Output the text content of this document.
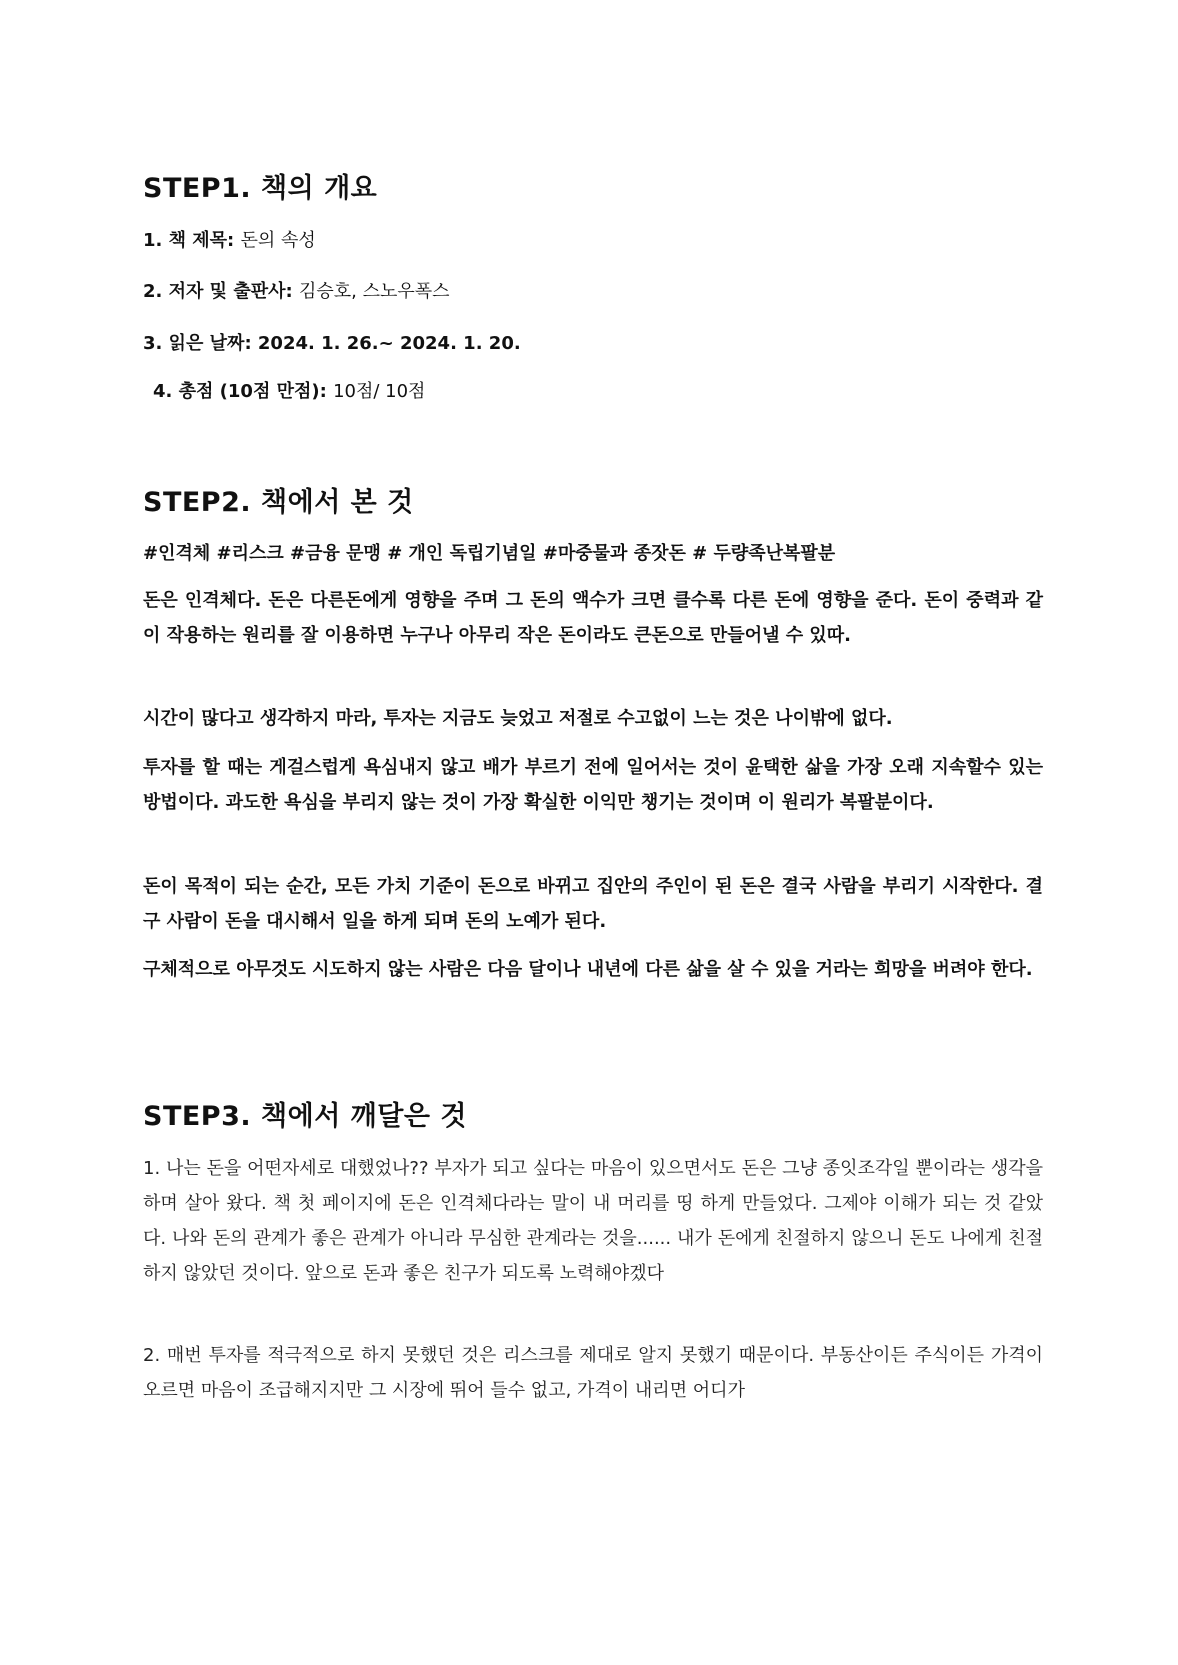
STEP1. 책의 개요
1. 책 제목: 돈의 속성
2. 저자 및 출판사: 김승호, 스노우폭스
3. 읽은 날짜: 2024. 1. 26.~ 2024. 1. 20.
4. 총점 (10점 만점): 10점/ 10점
STEP2. 책에서 본 것
#인격체 #리스크 #금융 문맹 # 개인 독립기념일 #마중물과 종잣돈 # 두량족난복팔분
돈은 인격체다. 돈은 다른돈에게 영향을 주며 그 돈의 액수가 크면 클수록 다른 돈에 영향을 준다. 돈이 중력과 같이 작용하는 원리를 잘 이용하면 누구나 아무리 작은 돈이라도 큰돈으로 만들어낼 수 있따.
시간이 많다고 생각하지 마라, 투자는 지금도 늦었고 저절로 수고없이 느는 것은 나이밖에 없다.
투자를 할 때는 게걸스럽게 욕심내지 않고 배가 부르기 전에 일어서는 것이 윤택한 삶을 가장 오래 지속할수 있는 방법이다. 과도한 욕심을 부리지 않는 것이 가장 확실한 이익만 챙기는 것이며 이 원리가 복팔분이다.
돈이 목적이 되는 순간, 모든 가치 기준이 돈으로 바뀌고 집안의 주인이 된 돈은 결국 사람을 부리기 시작한다. 결구 사람이 돈을 대시해서 일을 하게 되며 돈의 노예가 된다.
구체적으로 아무것도 시도하지 않는 사람은 다음 달이나 내년에 다른 삶을 살 수 있을 거라는 희망을 버려야 한다.
STEP3. 책에서 깨달은 것
1. 나는 돈을 어떤자세로 대했었나?? 부자가 되고 싶다는 마음이 있으면서도 돈은 그냥 종잇조각일 뿐이라는 생각을 하며 살아 왔다. 책 첫 페이지에 돈은 인격체다라는 말이 내 머리를 띵 하게 만들었다. 그제야 이해가 되는 것 같았다. 나와 돈의 관계가 좋은 관계가 아니라 무심한 관계라는 것을...... 내가 돈에게 친절하지 않으니 돈도 나에게 친절하지 않았던 것이다. 앞으로 돈과 좋은 친구가 되도록 노력해야겠다
2. 매번 투자를 적극적으로 하지 못했던 것은 리스크를 제대로 알지 못했기 때문이다. 부동산이든 주식이든 가격이 오르면 마음이 조급해지지만 그 시장에 뛰어 들수 없고, 가격이 내리면 어디가
